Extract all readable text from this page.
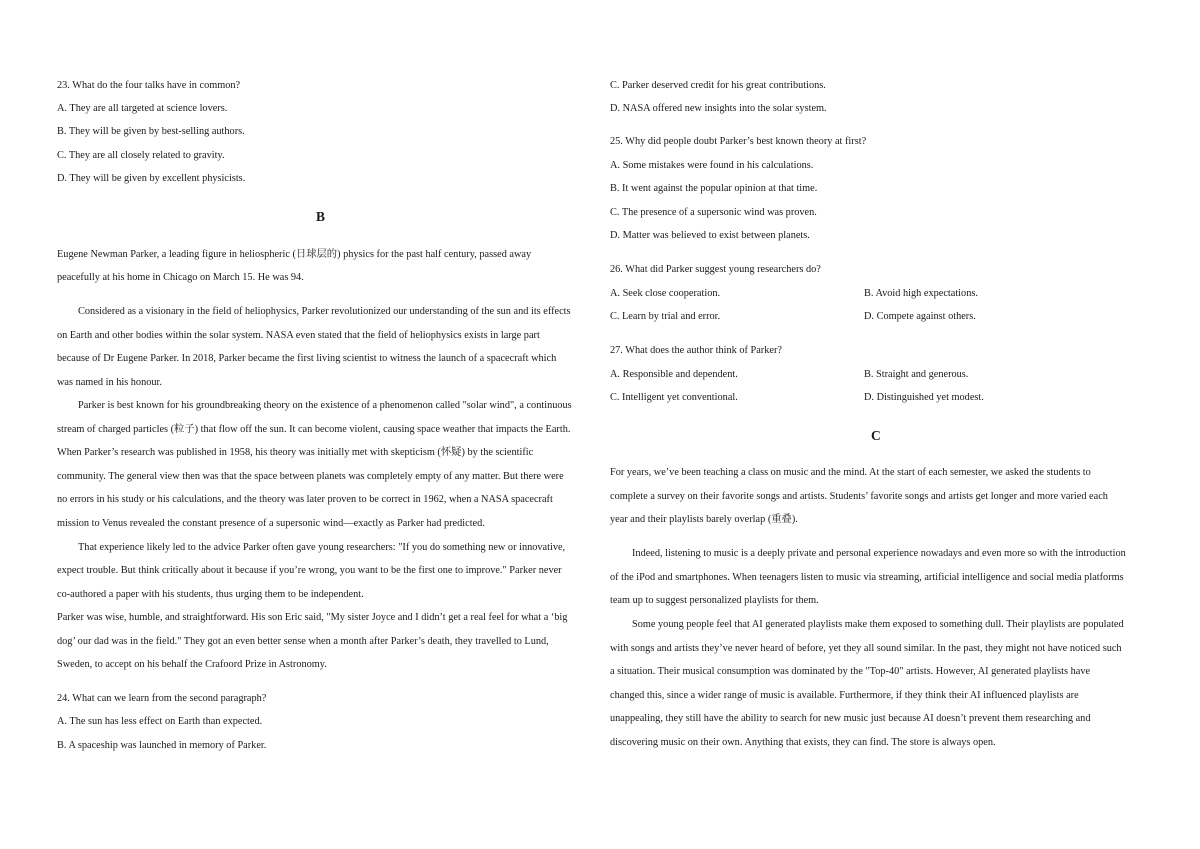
23. What do the four talks have in common?
A. They are all targeted at science lovers.
B. They will be given by best-selling authors.
C. They are all closely related to gravity.
D. They will be given by excellent physicists.
B
Eugene Newman Parker, a leading figure in heliospheric (日球层的) physics for the past half century, passed away
peacefully at his home in Chicago on March 15. He was 94.
Considered as a visionary in the field of heliophysics, Parker revolutionized our understanding of the sun and its effects
on Earth and other bodies within the solar system. NASA even stated that the field of heliophysics exists in large part
because of Dr Eugene Parker. In 2018, Parker became the first living scientist to witness the launch of a spacecraft which
was named in his honour.
Parker is best known for his groundbreaking theory on the existence of a phenomenon called "solar wind", a continuous
stream of charged particles (粒子) that flow off the sun. It can become violent, causing space weather that impacts the Earth.
When Parker’s research was published in 1958, his theory was initially met with skepticism (怀疑) by the scientific
community. The general view then was that the space between planets was completely empty of any matter. But there were
no errors in his study or his calculations, and the theory was later proven to be correct in 1962, when a NASA spacecraft
mission to Venus revealed the constant presence of a supersonic wind—exactly as Parker had predicted.
That experience likely led to the advice Parker often gave young researchers: "If you do something new or innovative,
expect trouble. But think critically about it because if you’re wrong, you want to be the first one to improve." Parker never
co-authored a paper with his students, thus urging them to be independent.
Parker was wise, humble, and straightforward. His son Eric said, "My sister Joyce and I didn’t get a real feel for what a ‘big
dog’ our dad was in the field." They got an even better sense when a month after Parker’s death, they travelled to Lund,
Sweden, to accept on his behalf the Crafoord Prize in Astronomy.
24. What can we learn from the second paragraph?
A. The sun has less effect on Earth than expected.
B. A spaceship was launched in memory of Parker.
C. Parker deserved credit for his great contributions.
D. NASA offered new insights into the solar system.
25. Why did people doubt Parker’s best known theory at first?
A. Some mistakes were found in his calculations.
B. It went against the popular opinion at that time.
C. The presence of a supersonic wind was proven.
D. Matter was believed to exist between planets.
26. What did Parker suggest young researchers do?
A. Seek close cooperation.	B. Avoid high expectations.
C. Learn by trial and error.	D. Compete against others.
27. What does the author think of Parker?
A. Responsible and dependent.	B. Straight and generous.
C. Intelligent yet conventional.	D. Distinguished yet modest.
C
For years, we’ve been teaching a class on music and the mind. At the start of each semester, we asked the students to
complete a survey on their favorite songs and artists. Students’ favorite songs and artists get longer and more varied each
year and their playlists barely overlap (重叠).
Indeed, listening to music is a deeply private and personal experience nowadays and even more so with the introduction
of the iPod and smartphones. When teenagers listen to music via streaming, artificial intelligence and social media platforms
team up to suggest personalized playlists for them.
Some young people feel that AI generated playlists make them exposed to something dull. Their playlists are populated
with songs and artists they’ve never heard of before, yet they all sound similar. In the past, they might not have noticed such
a situation. Their musical consumption was dominated by the "Top-40" artists. However, AI generated playlists have
changed this, since a wider range of music is available. Furthermore, if they think their AI influenced playlists are
unappealing, they still have the ability to search for new music just because AI doesn’t prevent them researching and
discovering music on their own. Anything that exists, they can find. The store is always open.
